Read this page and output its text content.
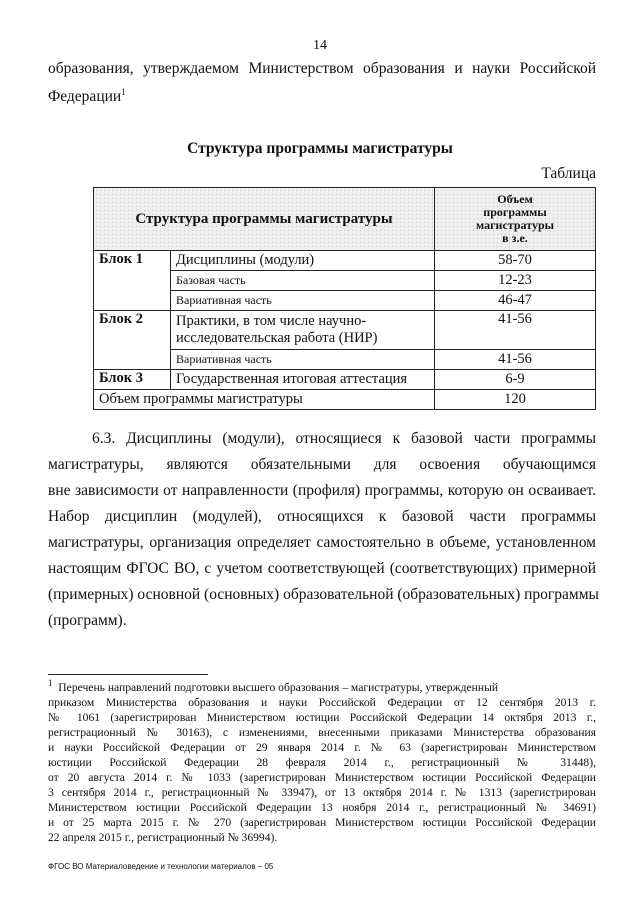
14
образования, утверждаемом Министерством образования и науки Российской
Федерации$^1$
Структура программы магистратуры
Таблица
Структура программы магистратуры		Объем
программы
магистратуры
в з.е.

Блок 1	Дисциплины (модули)	58-70
	Базовая часть	12-23
	Вариативная часть	46-47
Блок 2	Практики, в том числе научно-
исследовательская работа (НИР)	41-56
	Вариативная часть	41-56
Блок 3	Государственная итоговая аттестация	6-9
Объем программы магистратуры		120
6.3. Дисциплины (модули), относящиеся к базовой части программы
магистратуры, являются обязательными для освоения обучающимся
вне зависимости от направленности (профиля) программы, которую он осваивает.
Набор дисциплин (модулей), относящихся к базовой части программы
магистратуры, организация определяет самостоятельно в объеме, установленном
настоящим ФГОС ВО, с учетом соответствующей (соответствующих) примерной
(примерных) основной (основных) образовательной (образовательных) программы
(программ).
$^1$ Перечень направлений подготовки высшего образования – магистратуры, утвержденный
приказом Министерства образования и науки Российской Федерации от 12 сентября 2013 г.
№ 1061 (зарегистрирован Министерством юстиции Российской Федерации 14 октября 2013 г.,
регистрационный № 30163), с изменениями, внесенными приказами Министерства образования
и науки Российской Федерации от 29 января 2014 г. № 63 (зарегистрирован Министерством
юстиции Российской Федерации 28 февраля 2014 г., регистрационный № 31448),
от 20 августа 2014 г. № 1033 (зарегистрирован Министерством юстиции Российской Федерации
3 сентября 2014 г., регистрационный № 33947), от 13 октября 2014 г. № 1313 (зарегистрирован
Министерством юстиции Российской Федерации 13 ноября 2014 г., регистрационный № 34691)
и от 25 марта 2015 г. № 270 (зарегистрирован Министерством юстиции Российской Федерации
22 апреля 2015 г., регистрационный № 36994).
ФГОС ВО Материаловедение и технологии материалов – 05
